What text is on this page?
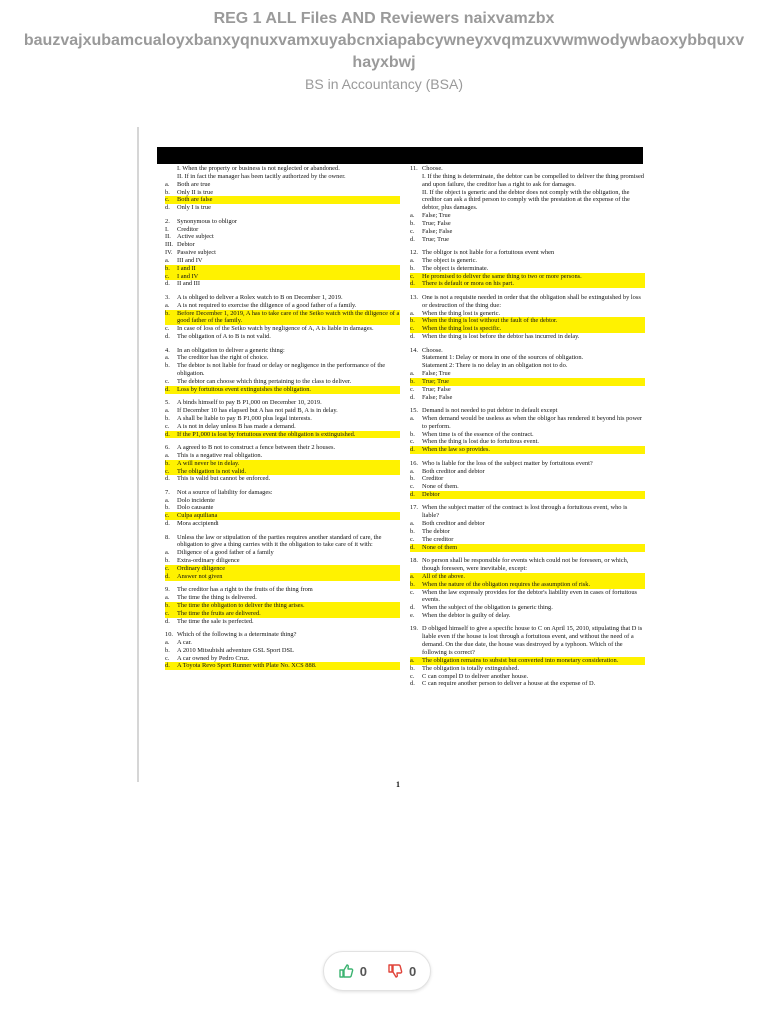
REG 1 ALL Files AND Reviewers naixvamzbx
bauzvajxubamcualoyxbanxyqnuxvamxuyabcnxiapabcywneyxvqmzuxvwmwodywbaoxybbquxv
hayxbwj
BS in Accountancy (BSA)
I. When the property or business is not neglected or abandoned.
II. If in fact the manager has been tacitly authorized by the owner.
a.	Both are true
b.	Only II is true
c.	Both are false
d.	Only I is true
2.	Synonymous to obligor
I.	Creditor
II. Active subject
III. Debtor
IV. Passive subject
a.	III and IV
b.	I and II
c.	I and IV
d.	II and III
3.	A is obliged to deliver a Rolex watch to B on December 1, 2019.
a.	A is not required to exercise the diligence of a good father of a family.
b.	Before December 1, 2019, A has to take care of the Seiko watch with the diligence of a good father of the family.
c.	In case of loss of the Seiko watch by negligence of A, A is liable in damages.
d.	The obligation of A to B is not valid.
4.	In an obligation to deliver a generic thing:
a.	The creditor has the right of choice.
b.	The debtor is not liable for fraud or delay or negligence in the performance of the obligation.
c.	The debtor can choose which thing pertaining to the class to deliver.
d.	Loss by fortuitous event extinguishes the obligation.
5.	A binds himself to pay B P1,000 on December 10, 2019.
a.	If December 10 has elapsed but A has not paid B, A is in delay.
b.	A shall be liable to pay B P1,000 plus legal interests.
c.	A is not in delay unless B has made a demand.
d.	If the P1,000 is lost by fortuitous event the obligation is extinguished.
6.	A agreed to B not to construct a fence between their 2 houses.
a.	This is a negative real obligation.
b.	A will never be in delay.
c.	The obligation is not valid.
d.	This is valid but cannot be enforced.
7.	Not a source of liability for damages:
a.	Dolo incidente
b.	Dolo causante
c.	Culpa aquiliana
d.	Mora accipiendi
8.	Unless the law or stipulation of the parties requires another standard of care, the obligation to give a thing carries with it the obligation to take care of it with:
a.	Diligence of a good father of a family
b.	Extra-ordinary diligence
c.	Ordinary diligence
d.	Answer not given
9.	The creditor has a right to the fruits of the thing from
a.	The time the thing is delivered.
b.	The time the obligation to deliver the thing arises.
c.	The time the fruits are delivered.
d.	The time the sale is perfected.
10. Which of the following is a determinate thing?
a.	A car.
b.	A 2010 Mitsubishi adventure GSL Sport DSL
c.	A car owned by Pedro Cruz.
d.	A Toyota Revo Sport Runner with Plate No. XCS 888.
11. Choose.
I. If the thing is determinate, the debtor can be compelled to deliver the thing promised and upon failure, the creditor has a right to ask for damages.
II. If the object is generic and the debtor does not comply with the obligation, the creditor can ask a third person to comply with the prestation at the expense of the debtor, plus damages.
a.	False; True
b.	True; False
c.	False; False
d.	True; True
12. The obligor is not liable for a fortuitous event when
a.	The object is generic.
b.	The object is determinate.
c.	He promised to deliver the same thing to two or more persons.
d.	There is default or mora on his part.
13. One is not a requisite needed in order that the obligation shall be extinguished by loss or destruction of the thing due:
a.	When the thing lost is generic.
b.	When the thing is lost without the fault of the debtor.
c.	When the thing lost is specific.
d.	When the thing is lost before the debtor has incurred in delay.
14. Choose.
Statement 1: Delay or mora in one of the sources of obligation.
Statement 2: There is no delay in an obligation not to do.
a.	False; True
b.	True; True
c.	True; False
d.	False; False
15. Demand is not needed to put debtor in default except
a.	When demand would be useless as when the obligor has rendered it beyond his power to perform.
b.	When time is of the essence of the contract.
c.	When the thing is lost due to fortuitous event.
d.	When the law so provides.
16. Who is liable for the loss of the subject matter by fortuitous event?
a.	Both creditor and debtor
b.	Creditor
c.	None of them.
d.	Debtor
17. When the subject matter of the contract is lost through a fortuitous event, who is liable?
a.	Both creditor and debtor
b.	The debtor
c.	The creditor
d.	None of them
18. No person shall be responsible for events which could not be foreseen, or which, though foreseen, were inevitable, except:
a.	All of the above.
b.	When the nature of the obligation requires the assumption of risk.
c.	When the law expressly provides for the debtor's liability even in cases of fortuitous events.
d.	When the subject of the obligation is generic thing.
e.	When the debtor is guilty of delay.
19. D obliged himself to give a specific house to C on April 15, 2010, stipulating that D is liable even if the house is lost through a fortuitous event, and without the need of a demand. On the due date, the house was destroyed by a typhoon. Which of the following is correct?
a.	The obligation remains to subsist but converted into monetary consideration.
b.	The obligation is totally extinguished.
c.	C can compel D to deliver another house.
d.	C can require another person to deliver a house at the expense of D.
1
0	0
